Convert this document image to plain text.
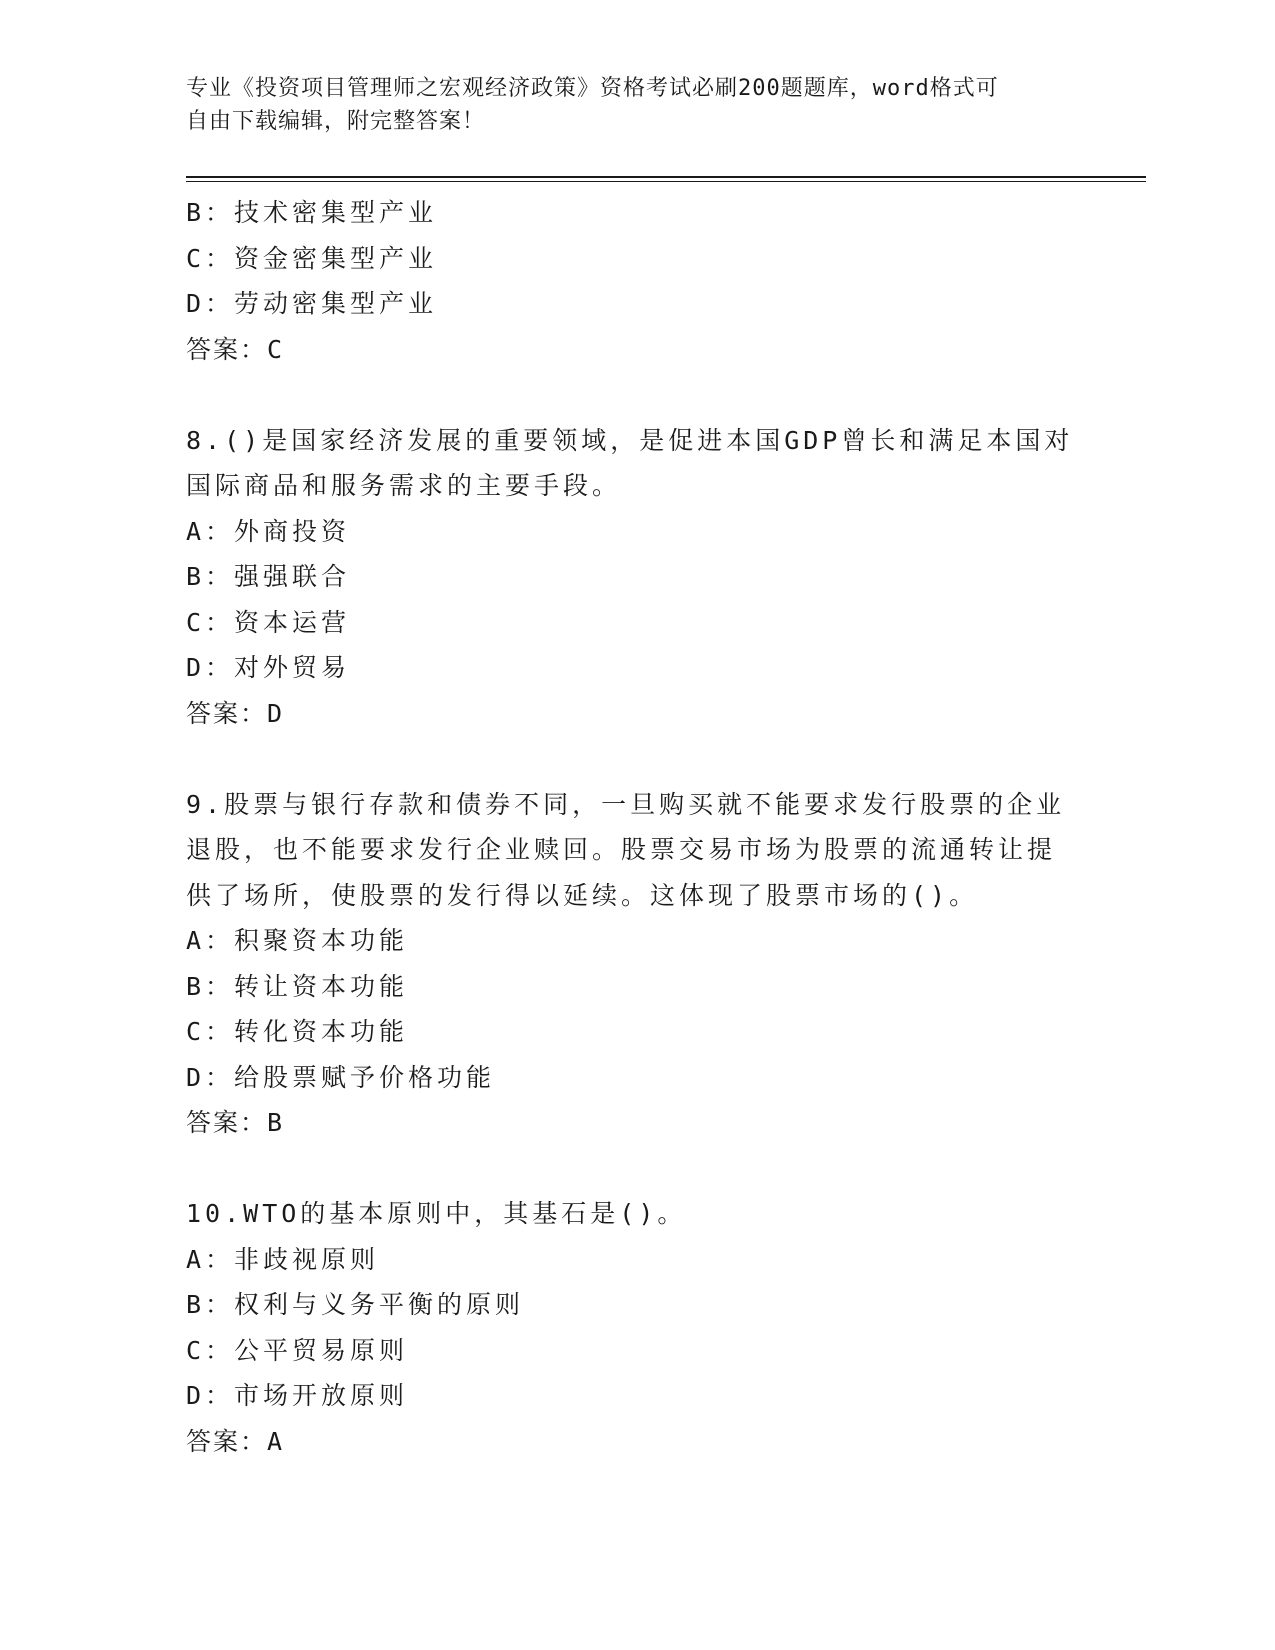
专业《投资项目管理师之宏观经济政策》资格考试必刷200题题库，word格式可
自由下载编辑，附完整答案！
B：技术密集型产业
C：资金密集型产业
D：劳动密集型产业
答案：C
8.()是国家经济发展的重要领域，是促进本国GDP曾长和满足本国对
国际商品和服务需求的主要手段。
A：外商投资
B：强强联合
C：资本运营
D：对外贸易
答案：D
9.股票与银行存款和债券不同，一旦购买就不能要求发行股票的企业
退股，也不能要求发行企业赎回。股票交易市场为股票的流通转让提
供了场所，使股票的发行得以延续。这体现了股票市场的()。
A：积聚资本功能
B：转让资本功能
C：转化资本功能
D：给股票赋予价格功能
答案：B
10.WTO的基本原则中，其基石是()。
A：非歧视原则
B：权利与义务平衡的原则
C：公平贸易原则
D：市场开放原则
答案：A
